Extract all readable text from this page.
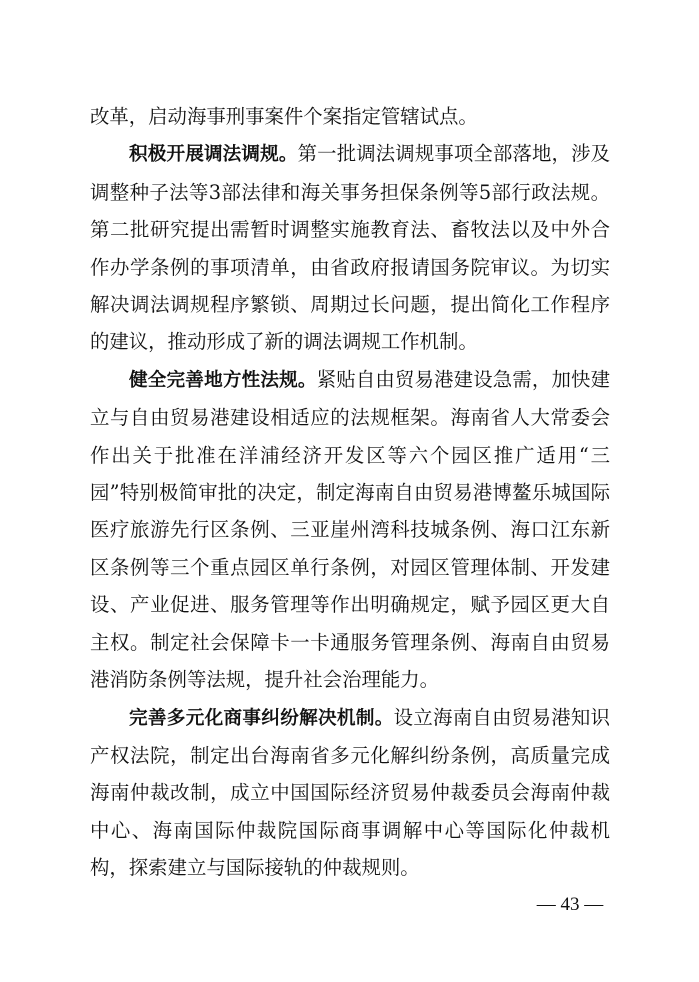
改革，启动海事刑事案件个案指定管辖试点。

积极开展调法调规。第一批调法调规事项全部落地，涉及调整种子法等3部法律和海关事务担保条例等5部行政法规。第二批研究提出需暂时调整实施教育法、畜牧法以及中外合作办学条例的事项清单，由省政府报请国务院审议。为切实解决调法调规程序繁锁、周期过长问题，提出简化工作程序的建议，推动形成了新的调法调规工作机制。

健全完善地方性法规。紧贴自由贸易港建设急需，加快建立与自由贸易港建设相适应的法规框架。海南省人大常委会作出关于批准在洋浦经济开发区等六个园区推广适用“三园”特别极简审批的决定，制定海南自由贸易港博鳌乐城国际医疗旅游先行区条例、三亚崖州湾科技城条例、海口江东新区条例等三个重点园区单行条例，对园区管理体制、开发建设、产业促进、服务管理等作出明确规定，赋予园区更大自主权。制定社会保障卡一卡通服务管理条例、海南自由贸易港消防条例等法规，提升社会治理能力。

完善多元化商事纠纷解决机制。设立海南自由贸易港知识产权法院，制定出台海南省多元化解纠纷条例，高质量完成海南仲裁改制，成立中国国际经济贸易仲裁委员会海南仲裁中心、海南国际仲裁院国际商事调解中心等国际化仲裁机构，探索建立与国际接轨的仲裁规则。

— 43 —
